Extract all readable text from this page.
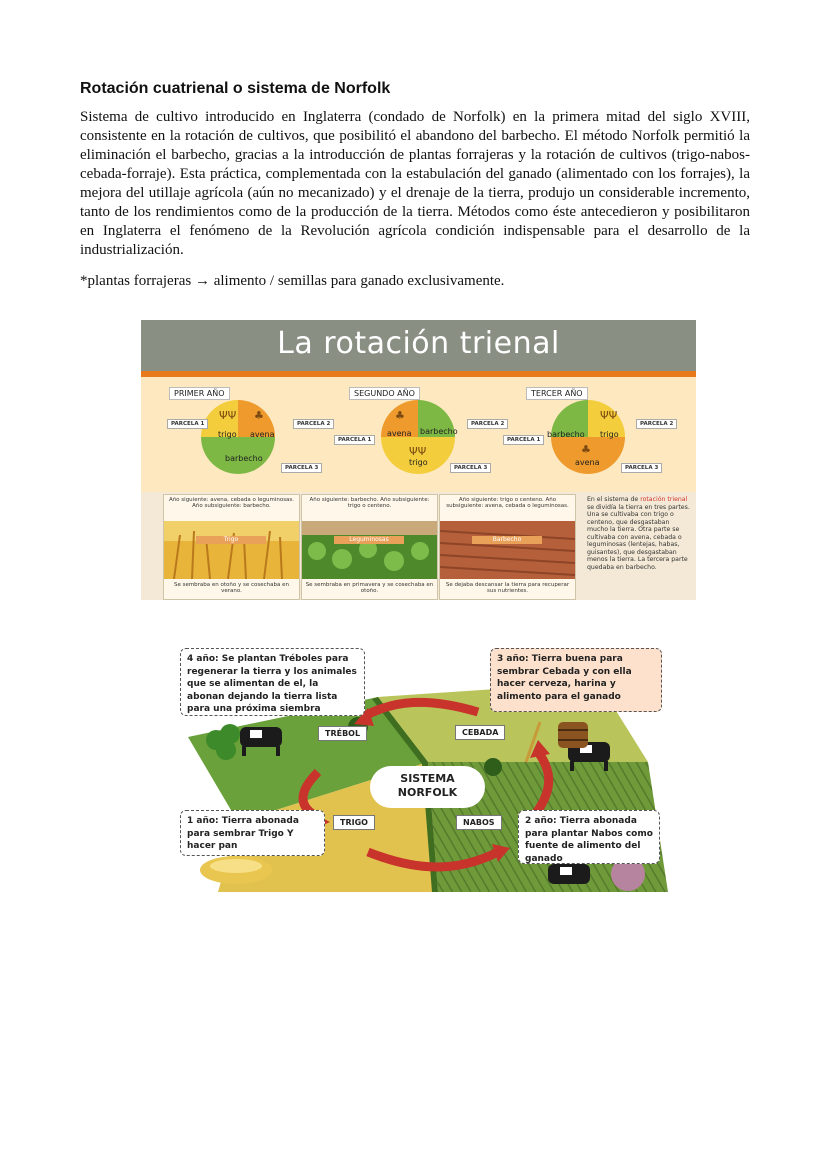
Rotación cuatrienal o sistema de Norfolk

Sistema de cultivo introducido en Inglaterra (condado de Norfolk) en la primera mitad del siglo XVIII, consistente en la rotación de cultivos, que posibilitó el abandono del barbecho. El método Norfolk permitió la eliminación el barbecho, gracias a la introducción de plantas forrajeras y la rotación de cultivos (trigo-nabos-cebada-forraje). Esta práctica, complementada con la estabulación del ganado (alimentado con los forrajes), la mejora del utillaje agrícola (aún no mecanizado) y el drenaje de la tierra, produjo un considerable incremento, tanto de los rendimientos como de la producción de la tierra. Métodos como éste antecedieron y posibilitaron en Inglaterra el fenómeno de la Revolución agrícola condición indispensable para el desarrollo de la industrialización.

*plantas forrajeras → alimento / semillas para ganado exclusivamente.
La rotación trienal
PRIMER AÑO	SEGUNDO AÑO	TERCER AÑO
ΨΨ ♣
trigo avena
barbecho
PARCELA 1	PARCELA 2
PARCELA 3
♣
ΨΨ
avena barbecho
trigo
PARCELA 1
PARCELA 2
PARCELA 3
ΨΨ
♣
barbecho trigo
avena
PARCELA 1
PARCELA 2
PARCELA 3
Año siguiente: avena, cebada o leguminosas. Año subsiguiente: barbecho.
Trigo
Se sembraba en otoño y se cosechaba en verano.
Año siguiente: barbecho. Año subsiguiente: trigo o centeno.
Leguminosas
Se sembraba en primavera y se cosechaba en otoño.
Año siguiente: trigo o centeno. Año subsiguiente: avena, cebada o leguminosas.
Barbecho
Se dejaba descansar la tierra para recuperar sus nutrientes.
En el sistema de rotación trienal se dividía la tierra en tres partes. Una se cultivaba con trigo o centeno, que desgastaban mucho la tierra. Otra parte se cultivaba con avena, cebada o leguminosas (lentejas, habas, guisantes), que desgastaban menos la tierra. La tercera parte quedaba en barbecho.
SISTEMA
NORFOLK
TRÉBOL	CEBADA
TRIGO	NABOS
4 año: Se plantan Tréboles para regenerar la tierra y los animales que se alimentan de el, la abonan dejando la tierra lista para una próxima siembra
3 año: Tierra buena para sembrar Cebada y con ella hacer cerveza, harina y alimento para el ganado
1 año: Tierra abonada para sembrar Trigo Y hacer pan
2 año: Tierra abonada para plantar Nabos como fuente de alimento del ganado
